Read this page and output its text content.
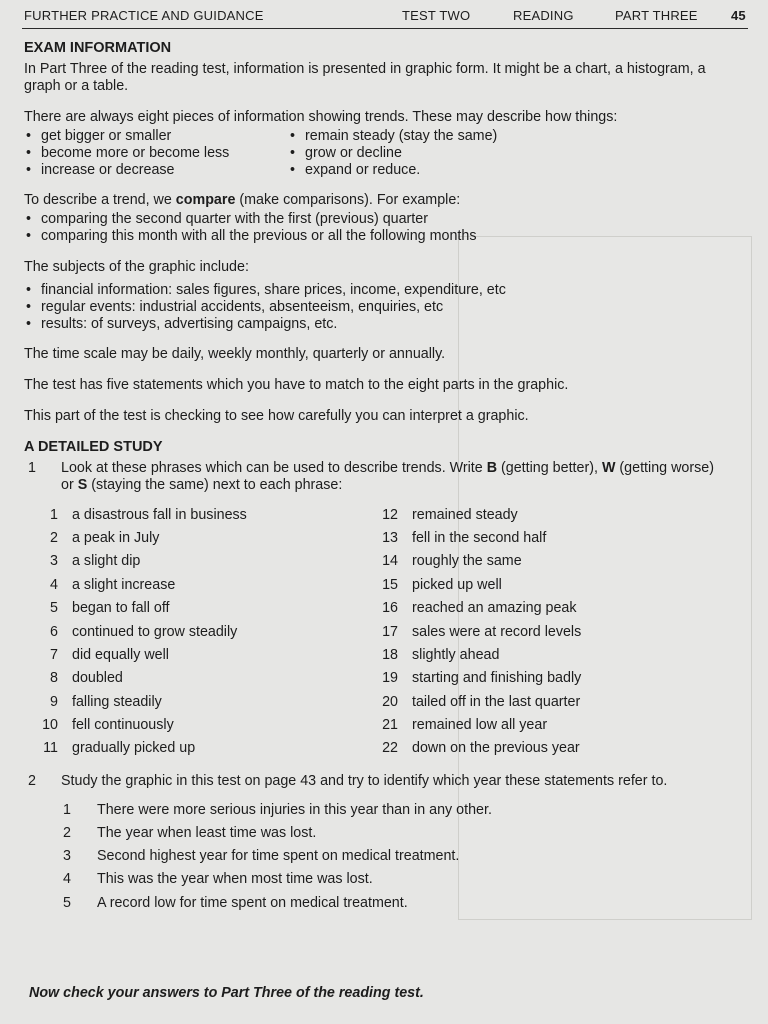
FURTHER PRACTICE AND GUIDANCE	TEST TWO	READING	PART THREE	45
EXAM INFORMATION

In Part Three of the reading test, information is presented in graphic form. It might be a chart, a histogram, a graph or a table.

There are always eight pieces of information showing trends. These may describe how things:

• get bigger or smaller
• become more or become less
• increase or decrease
• remain steady (stay the same)
• grow or decline
• expand or reduce.

To describe a trend, we compare (make comparisons). For example:

• comparing the second quarter with the first (previous) quarter
• comparing this month with all the previous or all the following months

The subjects of the graphic include:

• financial information: sales figures, share prices, income, expenditure, etc
• regular events: industrial accidents, absenteeism, enquiries, etc
• results: of surveys, advertising campaigns, etc.

The time scale may be daily, weekly monthly, quarterly or annually.

The test has five statements which you have to match to the eight parts in the graphic.

This part of the test is checking to see how carefully you can interpret a graphic.

A DETAILED STUDY
1 Look at these phrases which can be used to describe trends. Write B (getting better), W (getting worse) or S (staying the same) next to each phrase:
1 a disastrous fall in business
2 a peak in July
3 a slight dip
4 a slight increase
5 began to fall off
6 continued to grow steadily
7 did equally well
8 doubled
9 falling steadily
10 fell continuously
11 gradually picked up
12 remained steady
13 fell in the second half
14 roughly the same
15 picked up well
16 reached an amazing peak
17 sales were at record levels
18 slightly ahead
19 starting and finishing badly
20 tailed off in the last quarter
21 remained low all year
22 down on the previous year
2 Study the graphic in this test on page 43 and try to identify which year these statements refer to.
1 There were more serious injuries in this year than in any other.
2 The year when least time was lost.
3 Second highest year for time spent on medical treatment.
4 This was the year when most time was lost.
5 A record low for time spent on medical treatment.
Now check your answers to Part Three of the reading test.
